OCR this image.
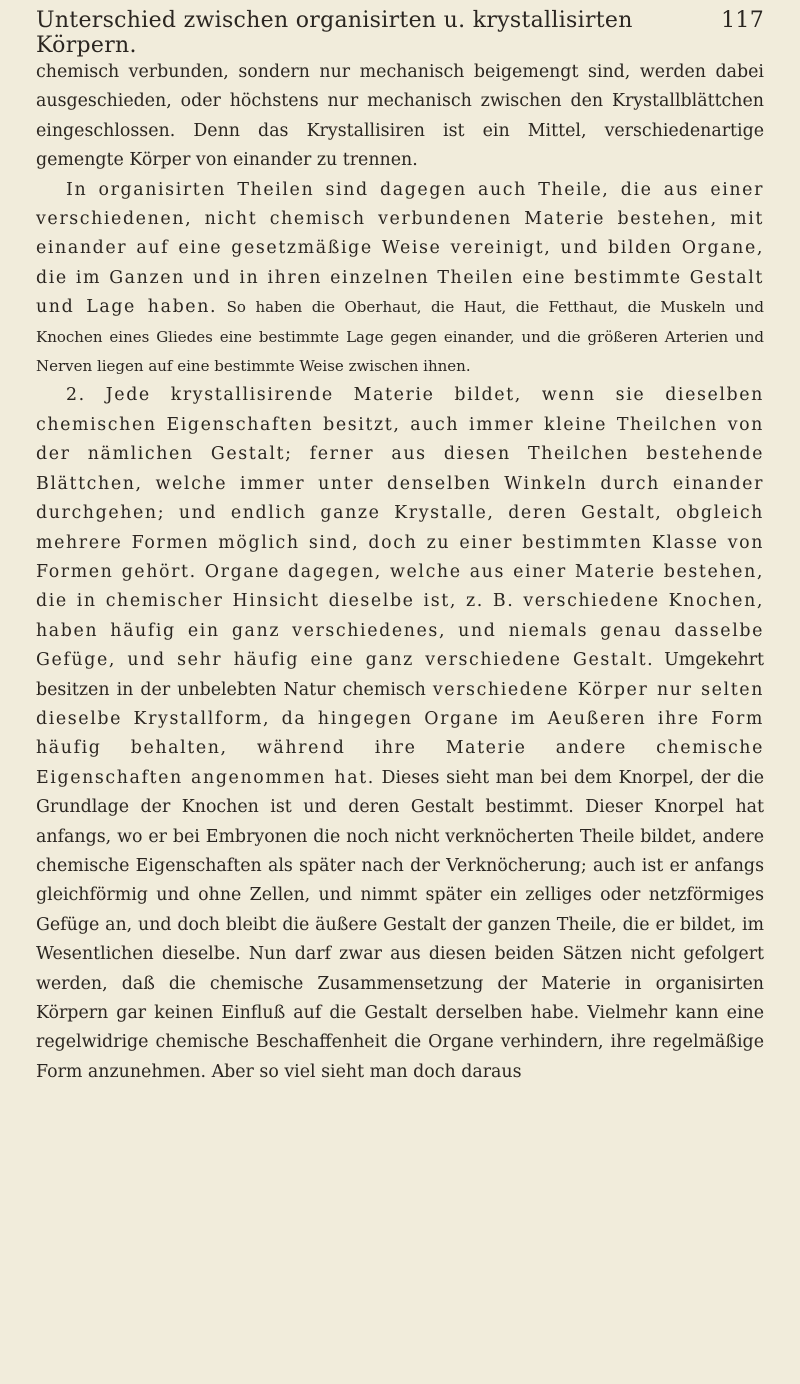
Unterschied zwischen organisirten u. krystallisirten Körpern.
117

chemisch verbunden, sondern nur mechanisch beigemengt sind, werden dabei ausgeschieden, oder höchstens nur mechanisch zwischen den Krystallblättchen eingeschlossen. Denn das Krystallisiren ist ein Mittel, verschiedenartige gemengte Körper von einander zu trennen.

In organisirten Theilen sind dagegen auch Theile, die aus einer verschiedenen, nicht chemisch verbundenen Materie bestehen, mit einander auf eine gesetzmäßige Weise vereinigt, und bilden Organe, die im Ganzen und in ihren einzelnen Theilen eine bestimmte Gestalt und Lage haben. So haben die Oberhaut, die Haut, die Fetthaut, die Muskeln und Knochen eines Gliedes eine bestimmte Lage gegen einander, und die größeren Arterien und Nerven liegen auf eine bestimmte Weise zwischen ihnen.

2. Jede krystallisirende Materie bildet, wenn sie dieselben chemischen Eigenschaften besitzt, auch immer kleine Theilchen von der nämlichen Gestalt; ferner aus diesen Theilchen bestehende Blättchen, welche immer unter denselben Winkeln durch einander durchgehen; und endlich ganze Krystalle, deren Gestalt, obgleich mehrere Formen möglich sind, doch zu einer bestimmten Klasse von Formen gehört. Organe dagegen, welche aus einer Materie bestehen, die in chemischer Hinsicht dieselbe ist, z. B. verschiedene Knochen, haben häufig ein ganz verschiedenes, und niemals genau dasselbe Gefüge, und sehr häufig eine ganz verschiedene Gestalt. Umgekehrt besitzen in der unbelebten Natur chemisch verschiedene Körper nur selten dieselbe Krystallform, da hingegen Organe im Aeußeren ihre Form häufig behalten, während ihre Materie andere chemische Eigenschaften angenommen hat. Dieses sieht man bei dem Knorpel, der die Grundlage der Knochen ist und deren Gestalt bestimmt. Dieser Knorpel hat anfangs, wo er bei Embryonen die noch nicht verknöcherten Theile bildet, andere chemische Eigenschaften als später nach der Verknöcherung; auch ist er anfangs gleichförmig und ohne Zellen, und nimmt später ein zelliges oder netzförmiges Gefüge an, und doch bleibt die äußere Gestalt der ganzen Theile, die er bildet, im Wesentlichen dieselbe. Nun darf zwar aus diesen beiden Sätzen nicht gefolgert werden, daß die chemische Zusammensetzung der Materie in organisirten Körpern gar keinen Einfluß auf die Gestalt derselben habe. Vielmehr kann eine regelwidrige chemische Beschaffenheit die Organe verhindern, ihre regelmäßige Form anzunehmen. Aber so viel sieht man doch daraus
